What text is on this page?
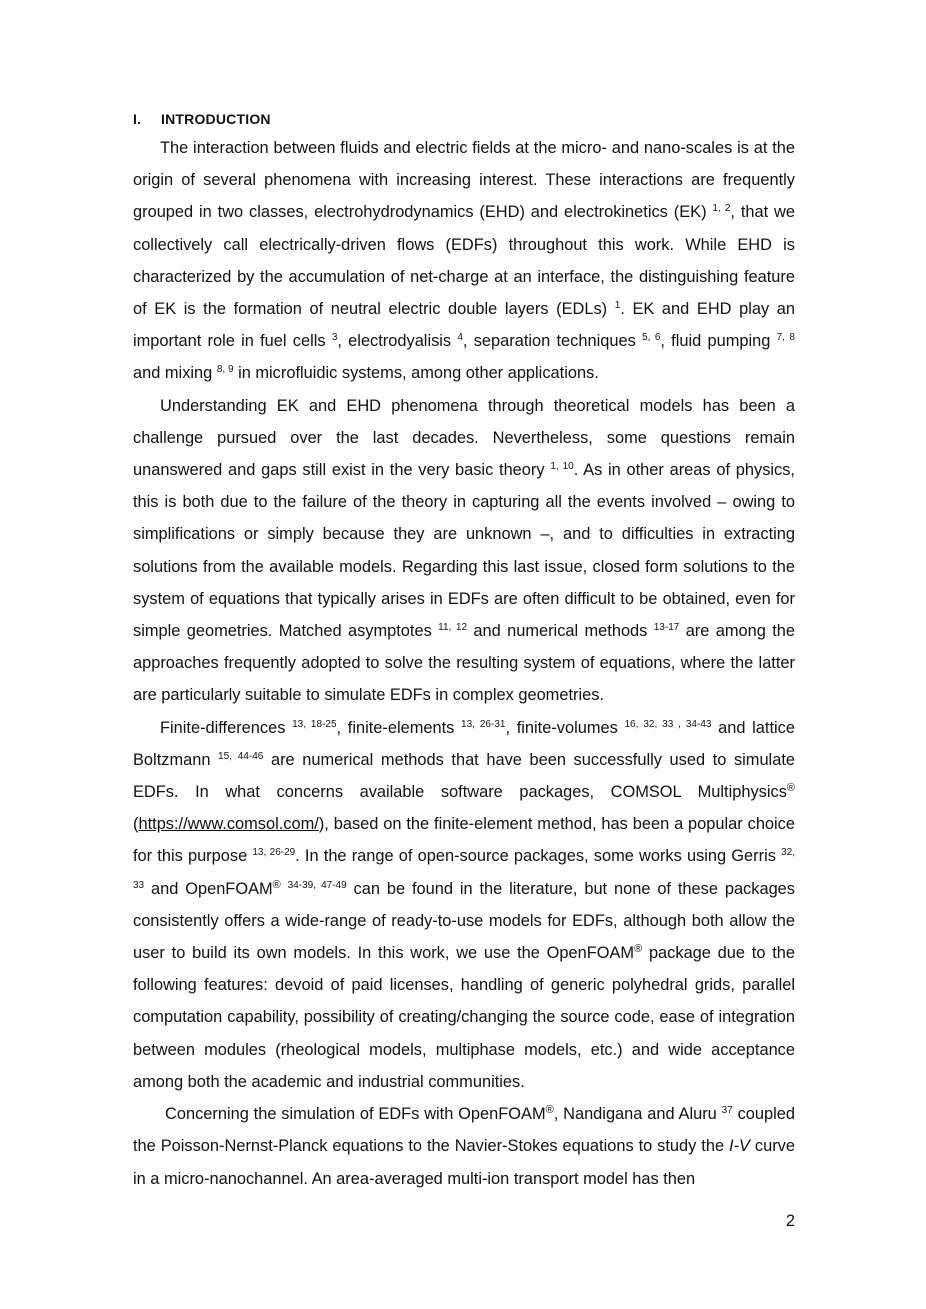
I. INTRODUCTION

The interaction between fluids and electric fields at the micro- and nano-scales is at the origin of several phenomena with increasing interest. These interactions are frequently grouped in two classes, electrohydrodynamics (EHD) and electrokinetics (EK) $^{1, 2}$, that we collectively call electrically-driven flows (EDFs) throughout this work. While EHD is characterized by the accumulation of net-charge at an interface, the distinguishing feature of EK is the formation of neutral electric double layers (EDLs) $^1$. EK and EHD play an important role in fuel cells $^3$, electrodyalisis $^4$, separation techniques $^{5, 6}$, fluid pumping $^{7, 8}$ and mixing $^{8, 9}$ in microfluidic systems, among other applications.

Understanding EK and EHD phenomena through theoretical models has been a challenge pursued over the last decades. Nevertheless, some questions remain unanswered and gaps still exist in the very basic theory $^{1, 10}$. As in other areas of physics, this is both due to the failure of the theory in capturing all the events involved – owing to simplifications or simply because they are unknown –, and to difficulties in extracting solutions from the available models. Regarding this last issue, closed form solutions to the system of equations that typically arises in EDFs are often difficult to be obtained, even for simple geometries. Matched asymptotes $^{11, 12}$ and numerical methods $^{13-17}$ are among the approaches frequently adopted to solve the resulting system of equations, where the latter are particularly suitable to simulate EDFs in complex geometries.

Finite-differences $^{13, 18-25}$, finite-elements $^{13, 26-31}$, finite-volumes $^{16, 32, 33 , 34-43}$ and lattice Boltzmann $^{15, 44-46}$ are numerical methods that have been successfully used to simulate EDFs. In what concerns available software packages, COMSOL Multiphysics® (https://www.comsol.com/), based on the finite-element method, has been a popular choice for this purpose $^{13, 26-29}$. In the range of open-source packages, some works using Gerris $^{32, 33}$ and OpenFOAM® $^{34-39, 47-49}$ can be found in the literature, but none of these packages consistently offers a wide-range of ready-to-use models for EDFs, although both allow the user to build its own models. In this work, we use the OpenFOAM® package due to the following features: devoid of paid licenses, handling of generic polyhedral grids, parallel computation capability, possibility of creating/changing the source code, ease of integration between modules (rheological models, multiphase models, etc.) and wide acceptance among both the academic and industrial communities.

Concerning the simulation of EDFs with OpenFOAM®, Nandigana and Aluru $^{37}$ coupled the Poisson-Nernst-Planck equations to the Navier-Stokes equations to study the I-V curve in a micro-nanochannel. An area-averaged multi-ion transport model has then

2
